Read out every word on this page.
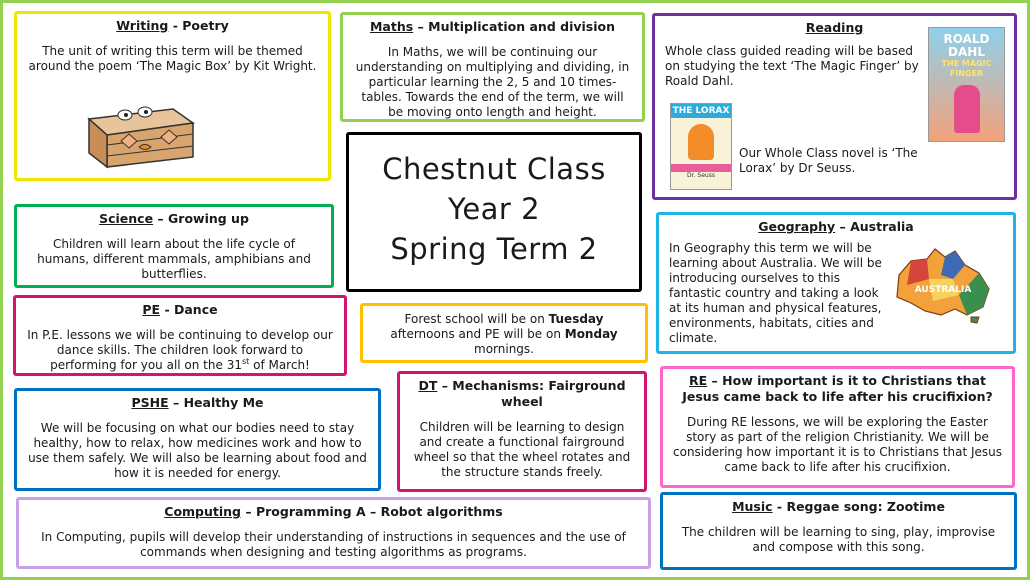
Writing - Poetry
The unit of writing this term will be themed around the poem ‘The Magic Box’ by Kit Wright.
Maths – Multiplication and division
In Maths, we will be continuing our understanding on multiplying and dividing, in particular learning the 2, 5 and 10 times-tables. Towards the end of the term, we will be moving onto length and height.
Reading
Whole class guided reading will be based on studying the text ‘The Magic Finger’ by Roald Dahl.
ROALD DAHL
THE MAGIC FINGER
THE LORAX
Dr. Seuss
Our Whole Class novel is ‘The Lorax’ by Dr Seuss.
Chestnut Class
Year 2
Spring Term 2
Science – Growing up
Children will learn about the life cycle of humans, different mammals, amphibians and butterflies.
Geography – Australia
In Geography this term we will be learning about Australia. We will be introducing ourselves to this fantastic country and taking a look at its human and physical features, environments, habitats, cities and climate.
AUSTRALIA
PE - Dance
In P.E. lessons we will be continuing to develop our dance skills. The children look forward to performing for you all on the 31st of March!
Forest school will be on Tuesday afternoons and PE will be on Monday mornings.
PSHE – Healthy Me
We will be focusing on what our bodies need to stay healthy, how to relax, how medicines work and how to use them safely. We will also be learning about food and how it is needed for energy.
DT – Mechanisms: Fairground wheel
Children will be learning to design and create a functional fairground wheel so that the wheel rotates and the structure stands freely.
RE – How important is it to Christians that Jesus came back to life after his crucifixion?
During RE lessons, we will be exploring the Easter story as part of the religion Christianity. We will be considering how important it is to Christians that Jesus came back to life after his crucifixion.
Computing – Programming A – Robot algorithms
In Computing, pupils will develop their understanding of instructions in sequences and the use of commands when designing and testing algorithms as programs.
Music - Reggae song: Zootime
The children will be learning to sing, play, improvise and compose with this song.
